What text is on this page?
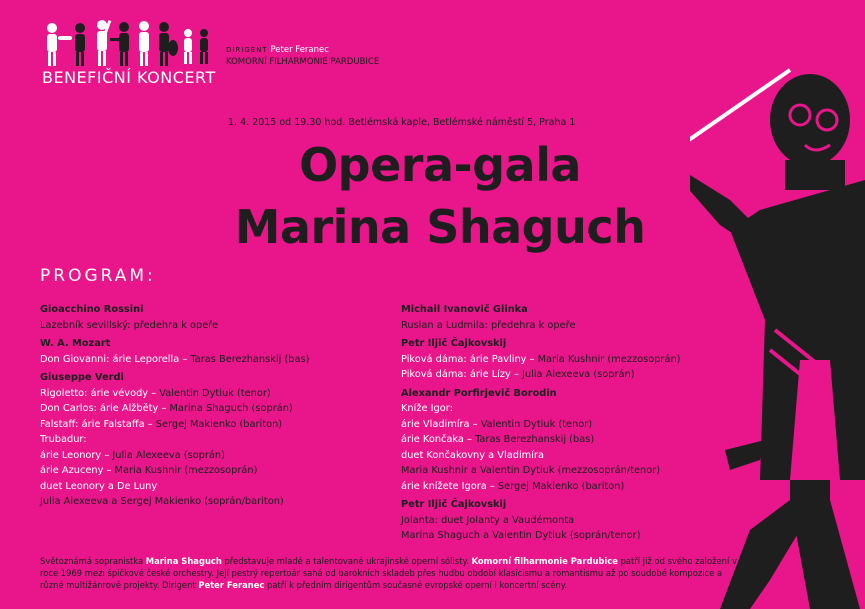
BENEFIČNÍ KONCERT
DIRIGENT Peter Feranec
KOMORNÍ FILHARMONIE PARDUBICE
1. 4. 2015 od 19.30 hod. Betlémská kaple, Betlémské náměstí 5, Praha 1
Opera-gala
Marina Shaguch
PROGRAM:
Gioacchino Rossini
Lazebník sevillský: předehra k opeře
W. A. Mozart
Don Giovanni: árie Leporella – Taras Berezhanskij (bas)
Giuseppe Verdi
Rigoletto: árie vévody – Valentin Dytiuk (tenor)
Don Carlos: árie Alžběty – Marina Shaguch (soprán)
Falstaff: árie Falstaffa – Sergej Makienko (bariton)
Trubadur:
árie Leonory – Julia Alexeeva (soprán)
árie Azuceny – Maria Kushnir (mezzosoprán)
duet Leonory a De Luny
Julia Alexeeva a Sergej Makienko (soprán/bariton)
Michail Ivanovič Glinka
Ruslan a Ludmila: předehra k opeře
Petr Iljič Čajkovskij
Piková dáma: árie Pavliny – Maria Kushnir (mezzosoprán)
Piková dáma: árie Lízy – Julia Alexeeva (soprán)
Alexandr Porfirjevič Borodin
Kníže Igor:
árie Vladimíra – Valentin Dytiuk (tenor)
árie Končaka – Taras Berezhanskij (bas)
duet Končakovny a Vladimíra
Maria Kushnir a Valentin Dytiuk (mezzosoprán/tenor)
árie knížete Igora – Sergej Makienko (bariton)
Petr Iljič Čajkovskij
Jolanta: duet Jolanty a Vaudémonta
Marina Shaguch a Valentin Dytiuk (soprán/tenor)
Světoznámá sopranistka Marina Shaguch představuje mladé a talentované ukrajinské operní sólisty. Komorní filharmonie Pardubice patří již od svého založení v roce 1969 mezi špičkové české orchestry. Její pestrý repertoár sahá od barokních skladeb přes hudbu období klasicismu a romantismu až po soudobé kompozice a různé multižánrové projekty. Dirigent Peter Feranec patří k předním dirigentům současné evropské operní i koncertní scény.
